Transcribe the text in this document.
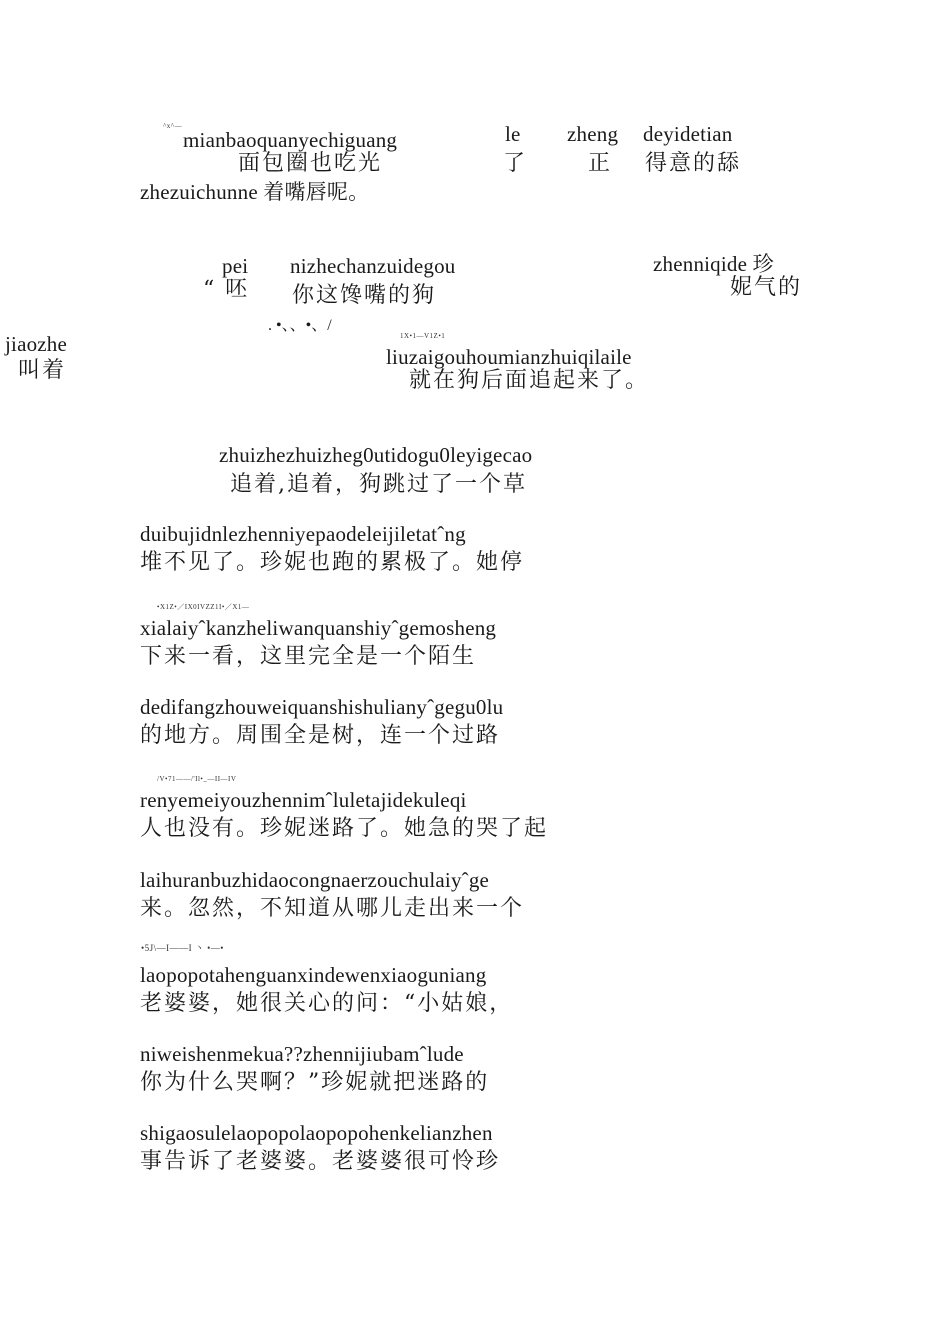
^x^—
mianbaoquanyechiguang	le zheng deyidetian
面包圈也吃光	了	正 得意的舔
zhezuichunne 着嘴唇呢。
pei nizhechanzuidegou	zhenniqide 珍
“ 呸 你这馋嘴的狗	妮气的
jiaozhe
叫着
. •、、•、/
1X•1—V1Z•1
liuzaigouhoumianzhuiqilaile
就在狗后面追起来了。
zhuizhezhuizheg0utidogu0leyigecao
追着,追着，狗跳过了一个草
duibujidnlezhenniyepaodeleijiletatˆng
堆不见了。珍妮也跑的累极了。她停
•X1Z•／IX0IVZZ1I•／X1—
xialaiyˆkanzheliwanquanshiyˆgemosheng
下来一看，这里完全是一个陌生
dedifangzhouweiquanshishulianyˆgegu0lu
的地方。周围全是树，连一个过路
/V•71——/'Il•_—II—IV
renyemeiyouzhennimˆluletajidekuleqi
人也没有。珍妮迷路了。她急的哭了起
laihuranbuzhidaocongnaerzouchulaiyˆge
来。忽然，不知道从哪儿走出来一个
•5J\—I——I 丶 •—•
laopopotahenguanxindewenxiaoguniang
老婆婆，她很关心的问：“小姑娘，
niweishenmekua??zhennijiubamˆlude
你为什么哭啊？”珍妮就把迷路的
shigaosulelaopopolaopopohenkelianzhen
事告诉了老婆婆。老婆婆很可怜珍
